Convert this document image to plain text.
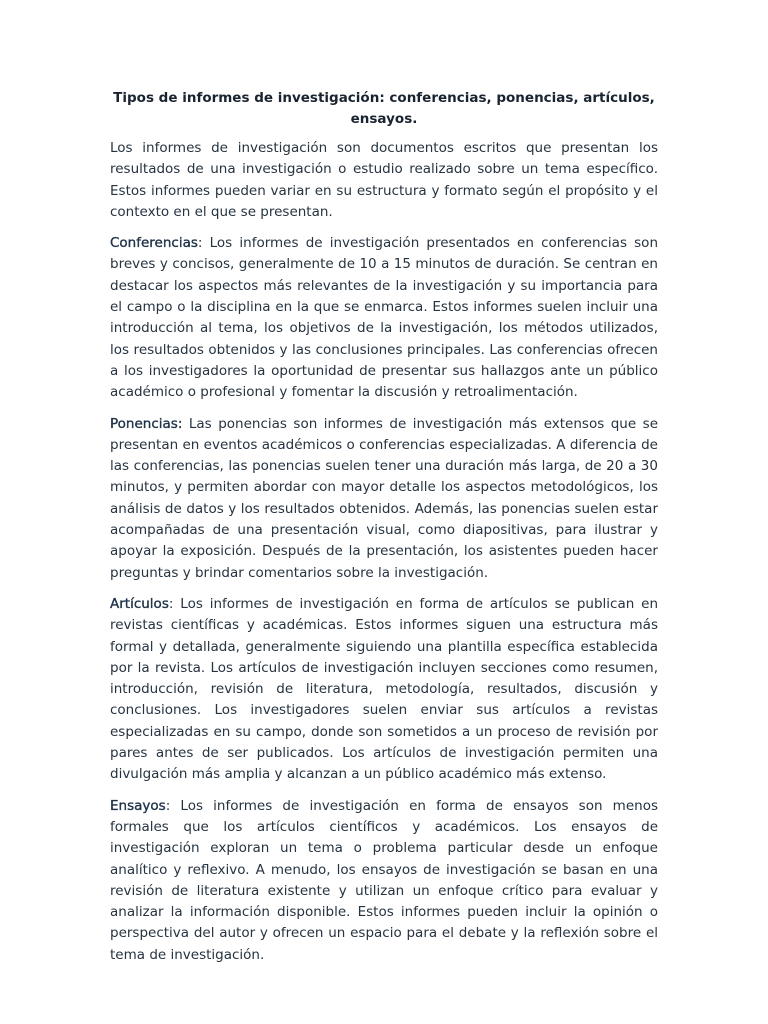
Tipos de informes de investigación: conferencias, ponencias, artículos, ensayos.

Los informes de investigación son documentos escritos que presentan los resultados de una investigación o estudio realizado sobre un tema específico. Estos informes pueden variar en su estructura y formato según el propósito y el contexto en el que se presentan.

Conferencias: Los informes de investigación presentados en conferencias son breves y concisos, generalmente de 10 a 15 minutos de duración. Se centran en destacar los aspectos más relevantes de la investigación y su importancia para el campo o la disciplina en la que se enmarca. Estos informes suelen incluir una introducción al tema, los objetivos de la investigación, los métodos utilizados, los resultados obtenidos y las conclusiones principales. Las conferencias ofrecen a los investigadores la oportunidad de presentar sus hallazgos ante un público académico o profesional y fomentar la discusión y retroalimentación.

Ponencias: Las ponencias son informes de investigación más extensos que se presentan en eventos académicos o conferencias especializadas. A diferencia de las conferencias, las ponencias suelen tener una duración más larga, de 20 a 30 minutos, y permiten abordar con mayor detalle los aspectos metodológicos, los análisis de datos y los resultados obtenidos. Además, las ponencias suelen estar acompañadas de una presentación visual, como diapositivas, para ilustrar y apoyar la exposición. Después de la presentación, los asistentes pueden hacer preguntas y brindar comentarios sobre la investigación.

Artículos: Los informes de investigación en forma de artículos se publican en revistas científicas y académicas. Estos informes siguen una estructura más formal y detallada, generalmente siguiendo una plantilla específica establecida por la revista. Los artículos de investigación incluyen secciones como resumen, introducción, revisión de literatura, metodología, resultados, discusión y conclusiones. Los investigadores suelen enviar sus artículos a revistas especializadas en su campo, donde son sometidos a un proceso de revisión por pares antes de ser publicados. Los artículos de investigación permiten una divulgación más amplia y alcanzan a un público académico más extenso.

Ensayos: Los informes de investigación en forma de ensayos son menos formales que los artículos científicos y académicos. Los ensayos de investigación exploran un tema o problema particular desde un enfoque analítico y reflexivo. A menudo, los ensayos de investigación se basan en una revisión de literatura existente y utilizan un enfoque crítico para evaluar y analizar la información disponible. Estos informes pueden incluir la opinión o perspectiva del autor y ofrecen un espacio para el debate y la reflexión sobre el tema de investigación.
